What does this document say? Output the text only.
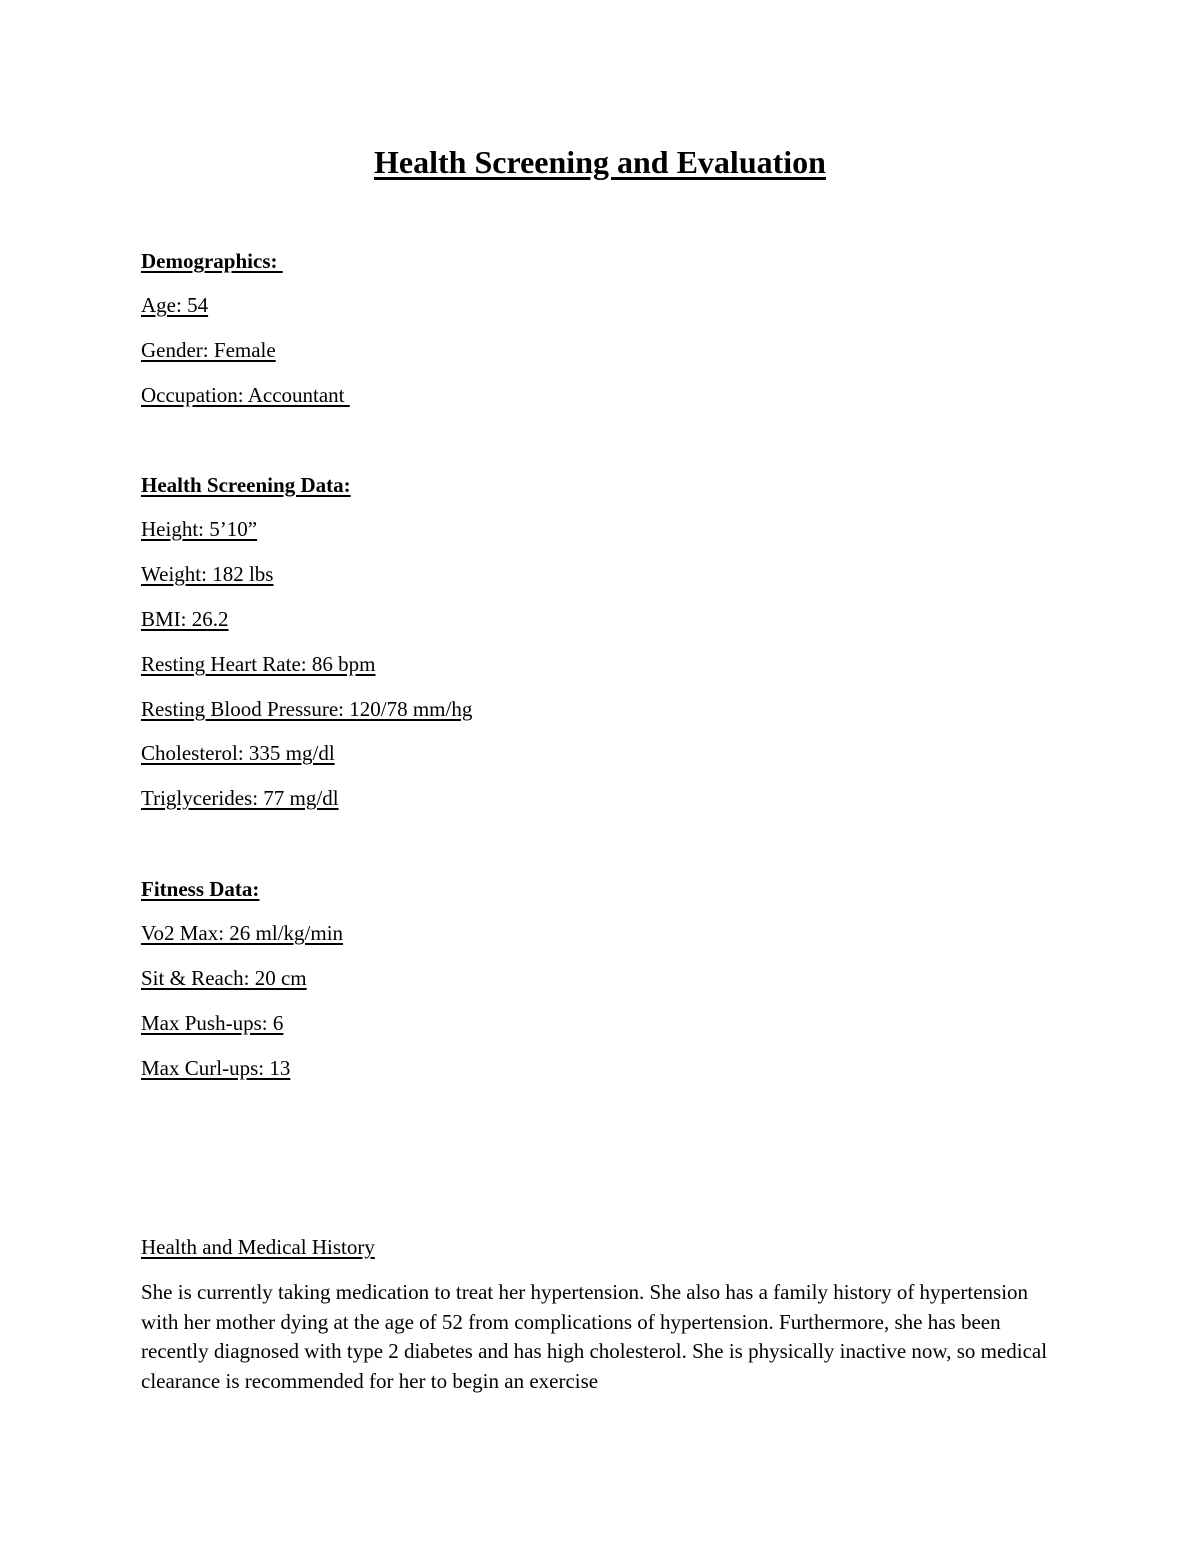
Health Screening and Evaluation
Demographics:
Age: 54
Gender: Female
Occupation: Accountant
Health Screening Data:
Height: 5’10”
Weight: 182 lbs
BMI: 26.2
Resting Heart Rate: 86 bpm
Resting Blood Pressure: 120/78 mm/hg
Cholesterol: 335 mg/dl
Triglycerides: 77 mg/dl
Fitness Data:
Vo2 Max: 26 ml/kg/min
Sit & Reach: 20 cm
Max Push-ups: 6
Max Curl-ups: 13
Health and Medical History

She is currently taking medication to treat her hypertension. She also has a family history of hypertension with her mother dying at the age of 52 from complications of hypertension. Furthermore, she has been recently diagnosed with type 2 diabetes and has high cholesterol. She is physically inactive now, so medical clearance is recommended for her to begin an exercise
